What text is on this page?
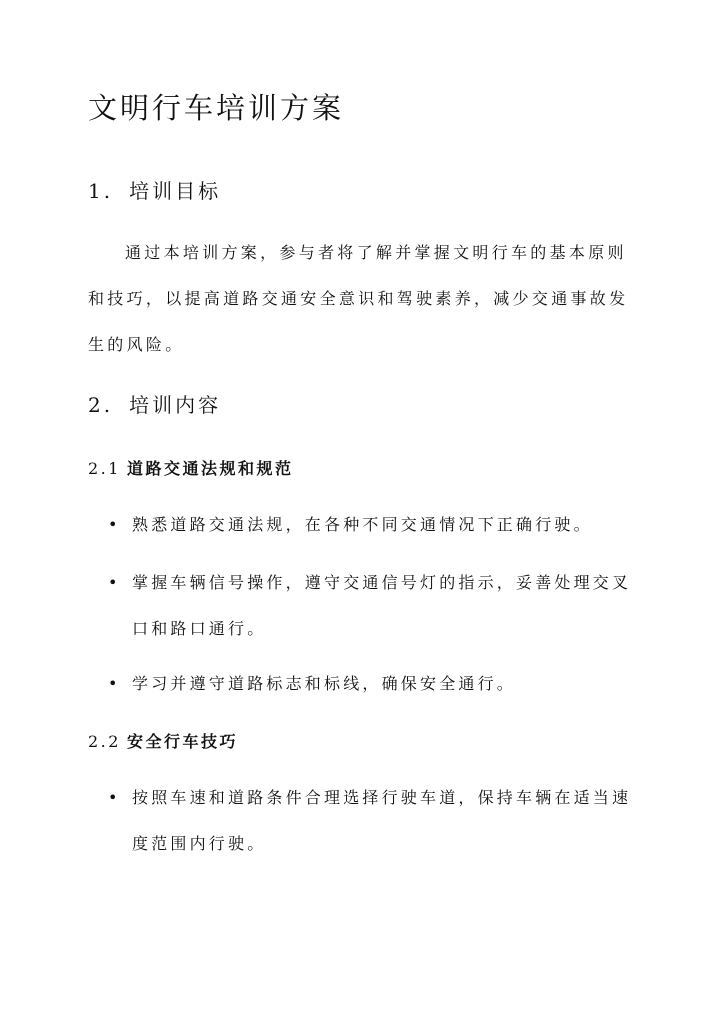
文明行车培训方案
1. 培训目标

通过本培训方案，参与者将了解并掌握文明行车的基本原则和技巧，以提高道路交通安全意识和驾驶素养，减少交通事故发生的风险。

2. 培训内容
2.1 道路交通法规和规范
• 熟悉道路交通法规，在各种不同交通情况下正确行驶。
• 掌握车辆信号操作，遵守交通信号灯的指示，妥善处理交叉口和路口通行。
• 学习并遵守道路标志和标线，确保安全通行。
2.2 安全行车技巧
• 按照车速和道路条件合理选择行驶车道，保持车辆在适当速度范围内行驶。
